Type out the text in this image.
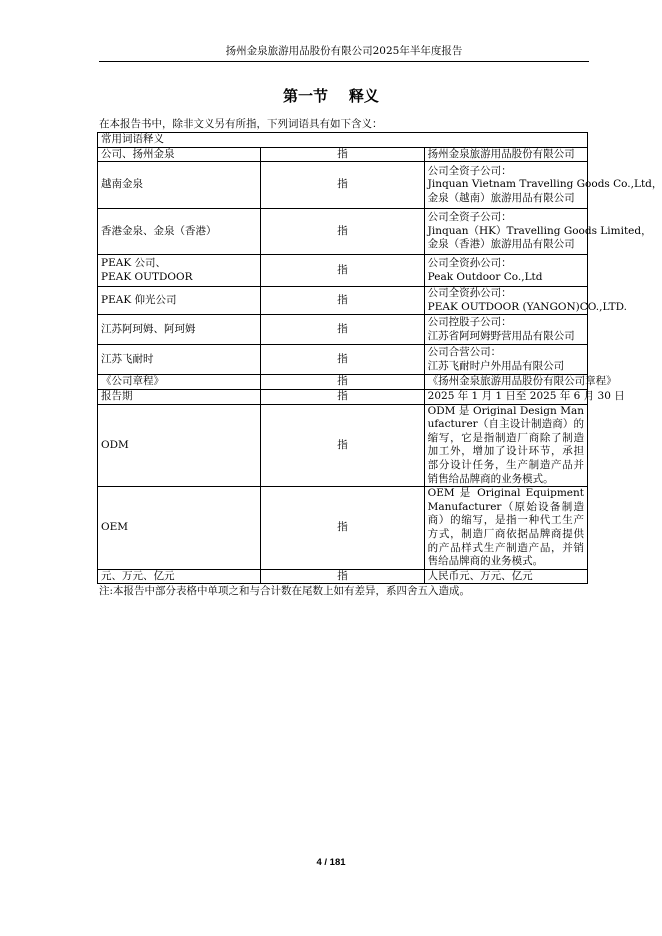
扬州金泉旅游用品股份有限公司2025年半年度报告
第一节    释义
在本报告书中，除非文义另有所指，下列词语具有如下含义：
常用词语释义		

公司、扬州金泉	指	扬州金泉旅游用品股份有限公司

越南金泉	指	公司全资子公司：
Jinquan Vietnam Travelling Goods Co.,Ltd，
金泉（越南）旅游用品有限公司

香港金泉、金泉（香港）	指	公司全资子公司：
Jinquan（HK）Travelling Goods Limited，
金泉（香港）旅游用品有限公司

PEAK 公司、
PEAK OUTDOOR	指	公司全资孙公司：
Peak Outdoor Co.,Ltd

PEAK 仰光公司	指	公司全资孙公司：
PEAK OUTDOOR (YANGON)CO.,LTD.

江苏阿珂姆、阿珂姆	指	公司控股子公司：
江苏省阿珂姆野营用品有限公司

江苏飞耐时	指	公司合营公司：
江苏飞耐时户外用品有限公司

《公司章程》	指	《扬州金泉旅游用品股份有限公司章程》

报告期	指	2025 年 1 月 1 日至 2025 年 6 月 30 日

ODM	指	ODM 是 Original Design Manufacturer（自主设计制造商）的缩写，它是指制造厂商除了制造加工外，增加了设计环节，承担部分设计任务，生产制造产品并销售给品牌商的业务模式。

OEM	指	OEM 是 Original Equipment Manufacturer（原始设备制造商）的缩写，是指一种代工生产方式，制造厂商依据品牌商提供的产品样式生产制造产品，并销售给品牌商的业务模式。

元、万元、亿元	指	人民币元、万元、亿元
注:本报告中部分表格中单项之和与合计数在尾数上如有差异，系四舍五入造成。
4 / 181
